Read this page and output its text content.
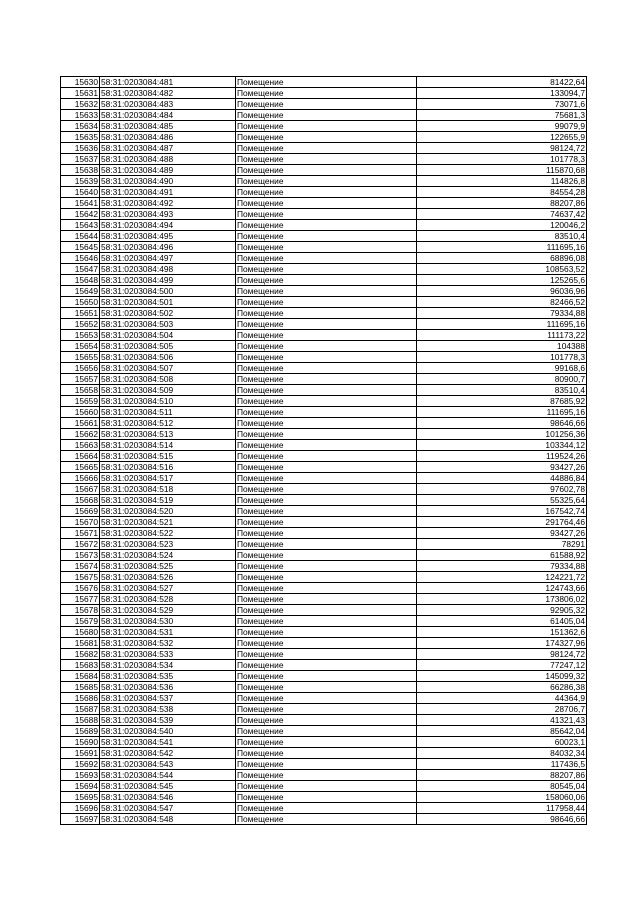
15630	58:31:0203084:481	Помещение	81422,64
15631	58:31:0203084:482	Помещение	133094,7
15632	58:31:0203084:483	Помещение	73071,6
15633	58:31:0203084:484	Помещение	75681,3
15634	58:31:0203084:485	Помещение	99079,9
15635	58:31:0203084:486	Помещение	122655,9
15636	58:31:0203084:487	Помещение	98124,72
15637	58:31:0203084:488	Помещение	101778,3
15638	58:31:0203084:489	Помещение	115870,68
15639	58:31:0203084:490	Помещение	114826,8
15640	58:31:0203084:491	Помещение	84554,28
15641	58:31:0203084:492	Помещение	88207,86
15642	58:31:0203084:493	Помещение	74637,42
15643	58:31:0203084:494	Помещение	120046,2
15644	58:31:0203084:495	Помещение	83510,4
15645	58:31:0203084:496	Помещение	111695,16
15646	58:31:0203084:497	Помещение	68896,08
15647	58:31:0203084:498	Помещение	108563,52
15648	58:31:0203084:499	Помещение	125265,6
15649	58:31:0203084:500	Помещение	96036,96
15650	58:31:0203084:501	Помещение	82466,52
15651	58:31:0203084:502	Помещение	79334,88
15652	58:31:0203084:503	Помещение	111695,16
15653	58:31:0203084:504	Помещение	111173,22
15654	58:31:0203084:505	Помещение	104388
15655	58:31:0203084:506	Помещение	101778,3
15656	58:31:0203084:507	Помещение	99168,6
15657	58:31:0203084:508	Помещение	80900,7
15658	58:31:0203084:509	Помещение	83510,4
15659	58:31:0203084:510	Помещение	87685,92
15660	58:31:0203084:511	Помещение	111695,16
15661	58:31:0203084:512	Помещение	98646,66
15662	58:31:0203084:513	Помещение	101256,36
15663	58:31:0203084:514	Помещение	103344,12
15664	58:31:0203084:515	Помещение	119524,26
15665	58:31:0203084:516	Помещение	93427,26
15666	58:31:0203084:517	Помещение	44886,84
15667	58:31:0203084:518	Помещение	97602,78
15668	58:31:0203084:519	Помещение	55325,64
15669	58:31:0203084:520	Помещение	167542,74
15670	58:31:0203084:521	Помещение	291764,46
15671	58:31:0203084:522	Помещение	93427,26
15672	58:31:0203084:523	Помещение	78291
15673	58:31:0203084:524	Помещение	61588,92
15674	58:31:0203084:525	Помещение	79334,88
15675	58:31:0203084:526	Помещение	124221,72
15676	58:31:0203084:527	Помещение	124743,66
15677	58:31:0203084:528	Помещение	173806,02
15678	58:31:0203084:529	Помещение	92905,32
15679	58:31:0203084:530	Помещение	61405,04
15680	58:31:0203084:531	Помещение	151362,6
15681	58:31:0203084:532	Помещение	174327,96
15682	58:31:0203084:533	Помещение	98124,72
15683	58:31:0203084:534	Помещение	77247,12
15684	58:31:0203084:535	Помещение	145099,32
15685	58:31:0203084:536	Помещение	66286,38
15686	58:31:0203084:537	Помещение	44364,9
15687	58:31:0203084:538	Помещение	28706,7
15688	58:31:0203084:539	Помещение	41321,43
15689	58:31:0203084:540	Помещение	85642,04
15690	58:31:0203084:541	Помещение	60023,1
15691	58:31:0203084:542	Помещение	84032,34
15692	58:31:0203084:543	Помещение	117436,5
15693	58:31:0203084:544	Помещение	88207,86
15694	58:31:0203084:545	Помещение	80545,04
15695	58:31:0203084:546	Помещение	158060,06
15696	58:31:0203084:547	Помещение	117958,44
15697	58:31:0203084:548	Помещение	98646,66
